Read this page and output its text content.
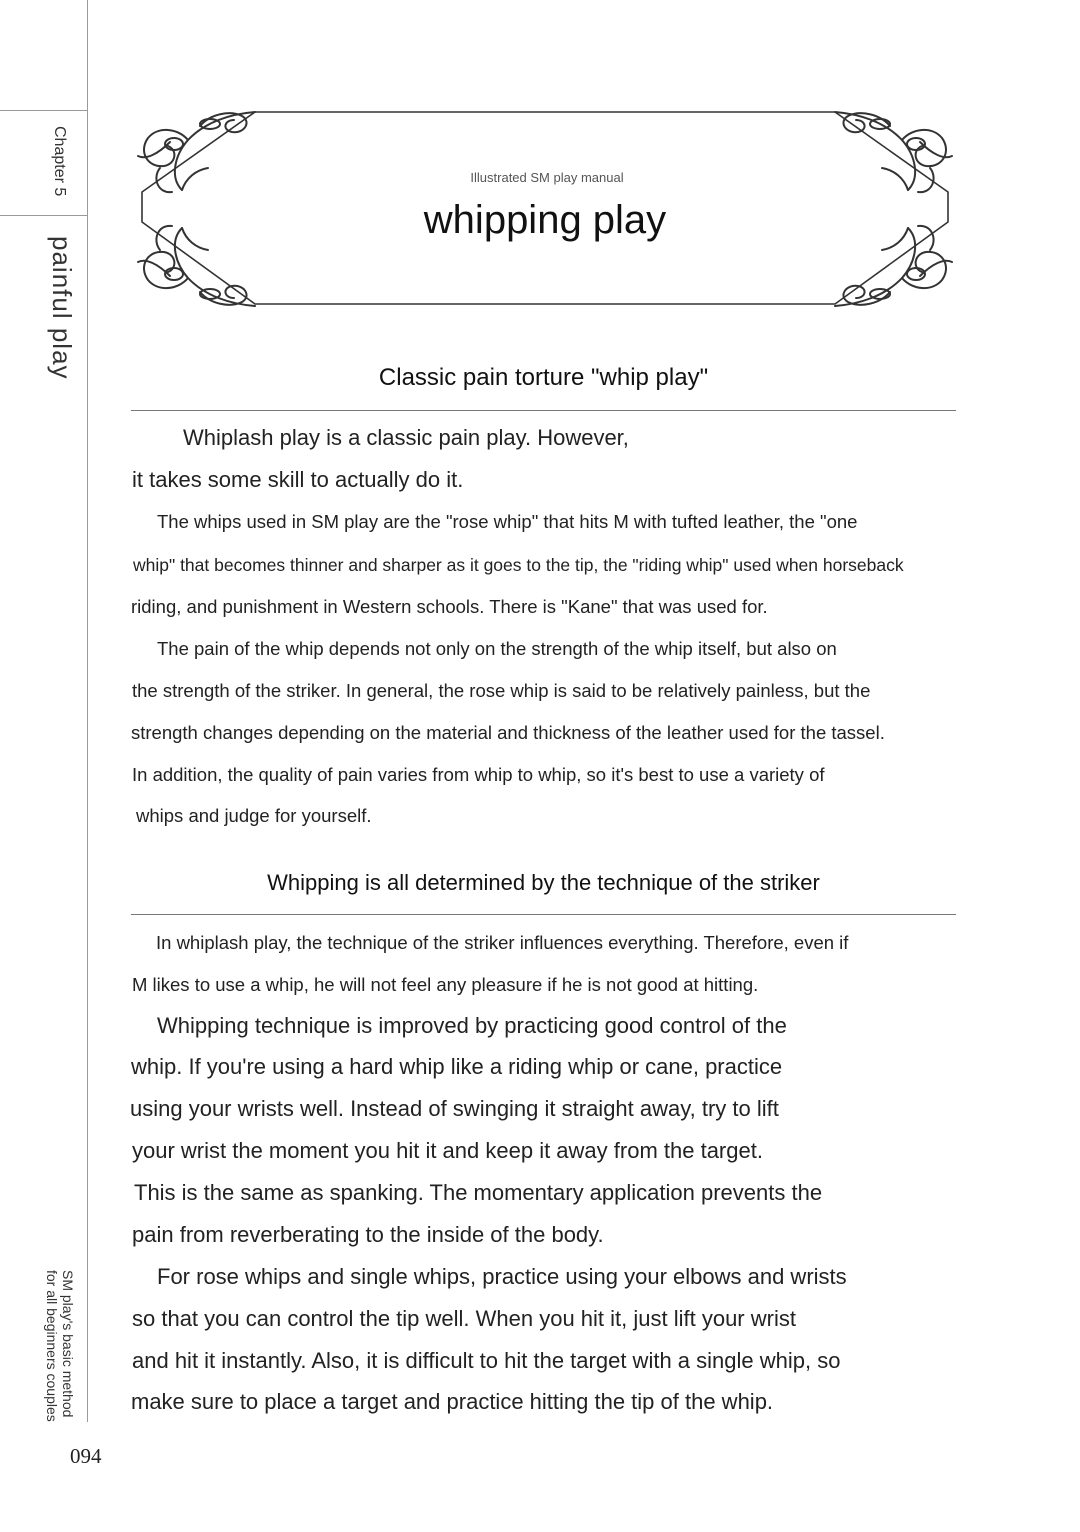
Chapter 5
painful play
SM play's basic method
for all beginners couples
094
Illustrated SM play manual
whipping play
Classic pain torture "whip play"
Whiplash play is a classic pain play. However,
it takes some skill to actually do it.
The whips used in SM play are the "rose whip" that hits M with tufted leather, the "one
whip" that becomes thinner and sharper as it goes to the tip, the "riding whip" used when horseback
riding, and punishment in Western schools. There is "Kane" that was used for.
The pain of the whip depends not only on the strength of the whip itself, but also on
the strength of the striker. In general, the rose whip is said to be relatively painless, but the
strength changes depending on the material and thickness of the leather used for the tassel.
In addition, the quality of pain varies from whip to whip, so it's best to use a variety of
whips and judge for yourself.
Whipping is all determined by the technique of the striker
In whiplash play, the technique of the striker influences everything. Therefore, even if
M likes to use a whip, he will not feel any pleasure if he is not good at hitting.
Whipping technique is improved by practicing good control of the
whip. If you're using a hard whip like a riding whip or cane, practice
using your wrists well. Instead of swinging it straight away, try to lift
your wrist the moment you hit it and keep it away from the target.
This is the same as spanking. The momentary application prevents the
pain from reverberating to the inside of the body.
For rose whips and single whips, practice using your elbows and wrists
so that you can control the tip well. When you hit it, just lift your wrist
and hit it instantly. Also, it is difficult to hit the target with a single whip, so
make sure to place a target and practice hitting the tip of the whip.
